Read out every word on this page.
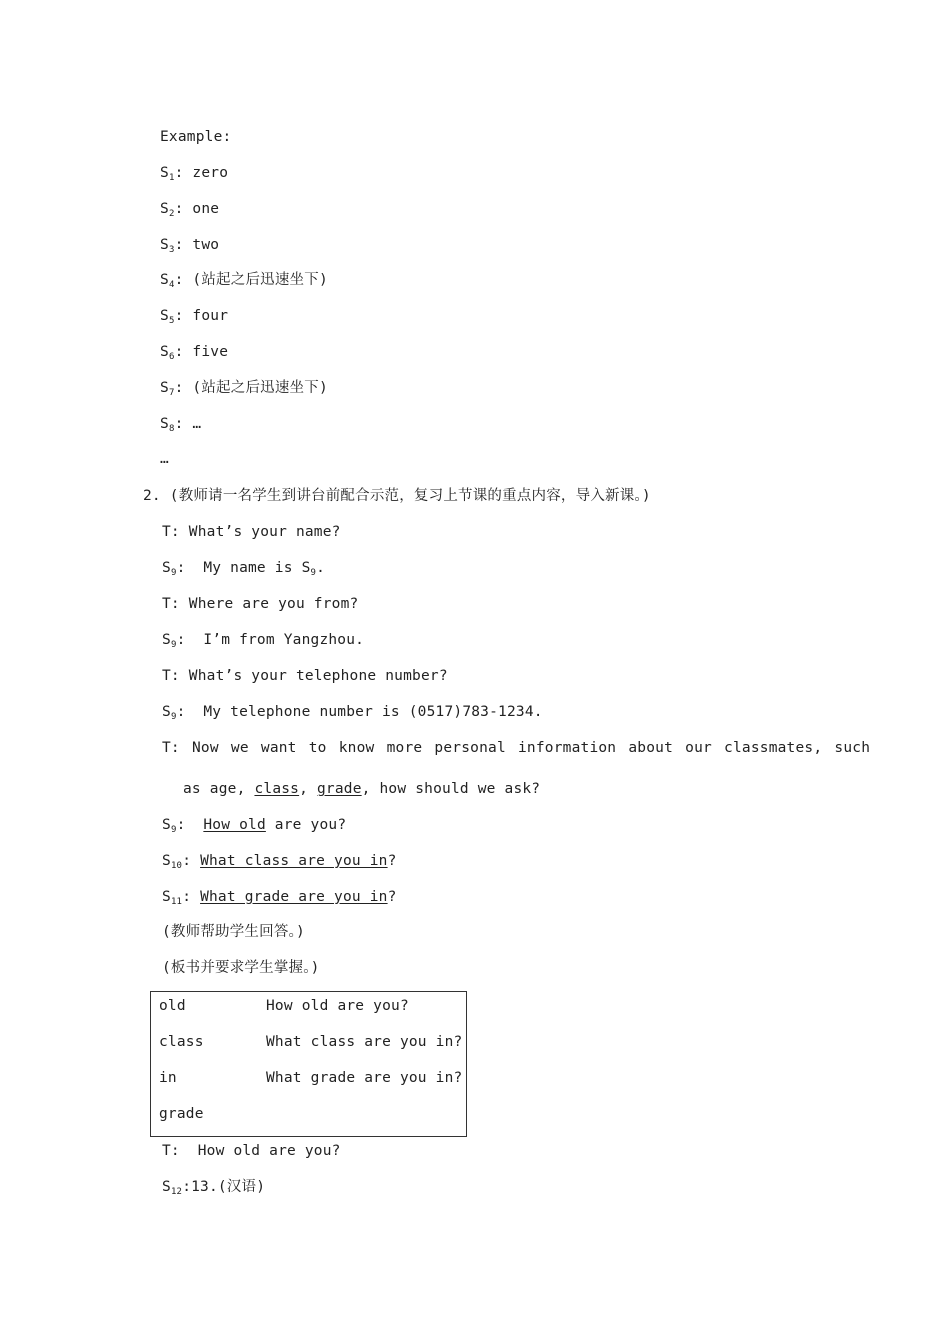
Example:
$S_1$: zero
$S_2$: one
$S_3$: two
$S_4$: (站起之后迅速坐下)
$S_5$: four
$S_6$: five
$S_7$: (站起之后迅速坐下)
$S_8$: …
…
2. (教师请一名学生到讲台前配合示范，复习上节课的重点内容，导入新课。)
T: What’s your name?
$S_9$:  My name is $S_9$.
T: Where are you from?
$S_9$:  I’m from Yangzhou.
T: What’s your telephone number?
$S_9$:  My telephone number is (0517)783-1234.
T: Now we want to know more personal information about our classmates, such
as age, class, grade, how should we ask?
$S_9$:  How old are you?
$S_{10}$: What class are you in?
$S_{11}$: What grade are you in?
(教师帮助学生回答。)
(板书并要求学生掌握。)
old	How old are you?
class	What class are you in?
in	What grade are you in?
grade
T:  How old are you?
$S_{12}:13$.(汉语)
